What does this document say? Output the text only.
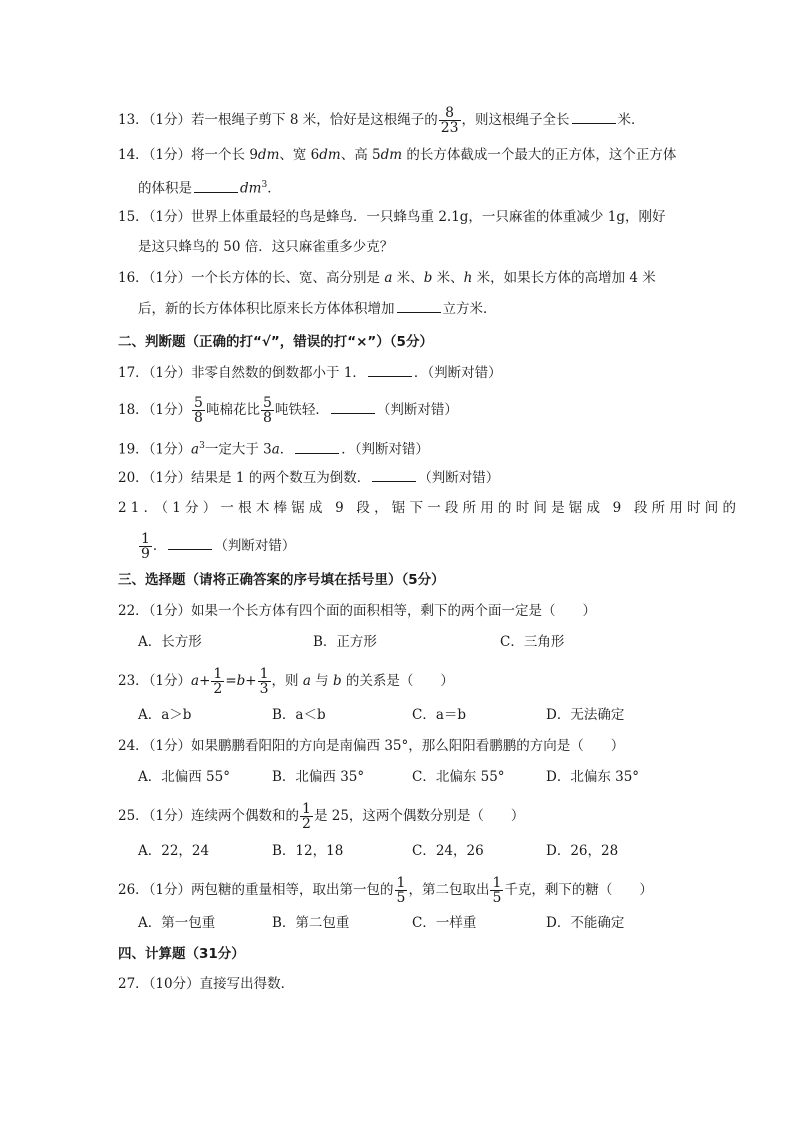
13．（1分）若一根绳子剪下 8 米，恰好是这根绳子的 $\frac{8}{23}$ ，则这根绳子全长	米．
14．（1分）将一个长 9dm、宽 6dm、高 5dm 的长方体截成一个最大的正方体，这个正方体
的体积是	$dm^3$．
15．（1分）世界上体重最轻的鸟是蜂鸟．一只蜂鸟重 2.1g，一只麻雀的体重减少 1g，刚好
是这只蜂鸟的 50 倍．这只麻雀重多少克？
16．（1分）一个长方体的长、宽、高分别是 a 米、b 米、h 米，如果长方体的高增加 4 米
后，新的长方体体积比原来长方体体积增加	立方米．
二、判断题（正确的打“√”，错误的打“×”）（5分）
17．（1分）非零自然数的倒数都小于 1．	．（判断对错）
18．（1分） $\frac{5}{8}$ 吨棉花比 $\frac{5}{8}$ 吨铁轻．	（判断对错）
19．（1分）$a^3$一定大于 3a．	．（判断对错）
20．（1分）结果是 1 的两个数互为倒数．	（判断对错）
21．（1分）一根木棒锯成 9 段，锯下一段所用的时间是锯成 9 段所用时间的
$\frac{1}{9}$ ．	（判断对错）
三、选择题（请将正确答案的序号填在括号里）（5分）
22．（1分）如果一个长方体有四个面的面积相等，剩下的两个面一定是（　　）
A．长方形	B．正方形	C．三角形
23．（1分）$a+ \frac{1}{2} =b+ \frac{1}{3}$ ，则 a 与 b 的关系是（　　）
A．a＞b	B．a＜b	C．a＝b	D．无法确定
24．（1分）如果鹏鹏看阳阳的方向是南偏西 35°，那么阳阳看鹏鹏的方向是（　　）
A．北偏西 55°	B．北偏西 35°	C．北偏东 55°	D．北偏东 35°
25．（1分）连续两个偶数和的 $\frac{1}{2}$ 是 25，这两个偶数分别是（　　）
A．22，24	B．12，18	C．24，26	D．26，28
26．（1分）两包糖的重量相等，取出第一包的 $\frac{1}{5}$ ，第二包取出 $\frac{1}{5}$ 千克，剩下的糖（　　）
A．第一包重	B．第二包重	C．一样重	D．不能确定
四、计算题（31分）
27．（10分）直接写出得数．
